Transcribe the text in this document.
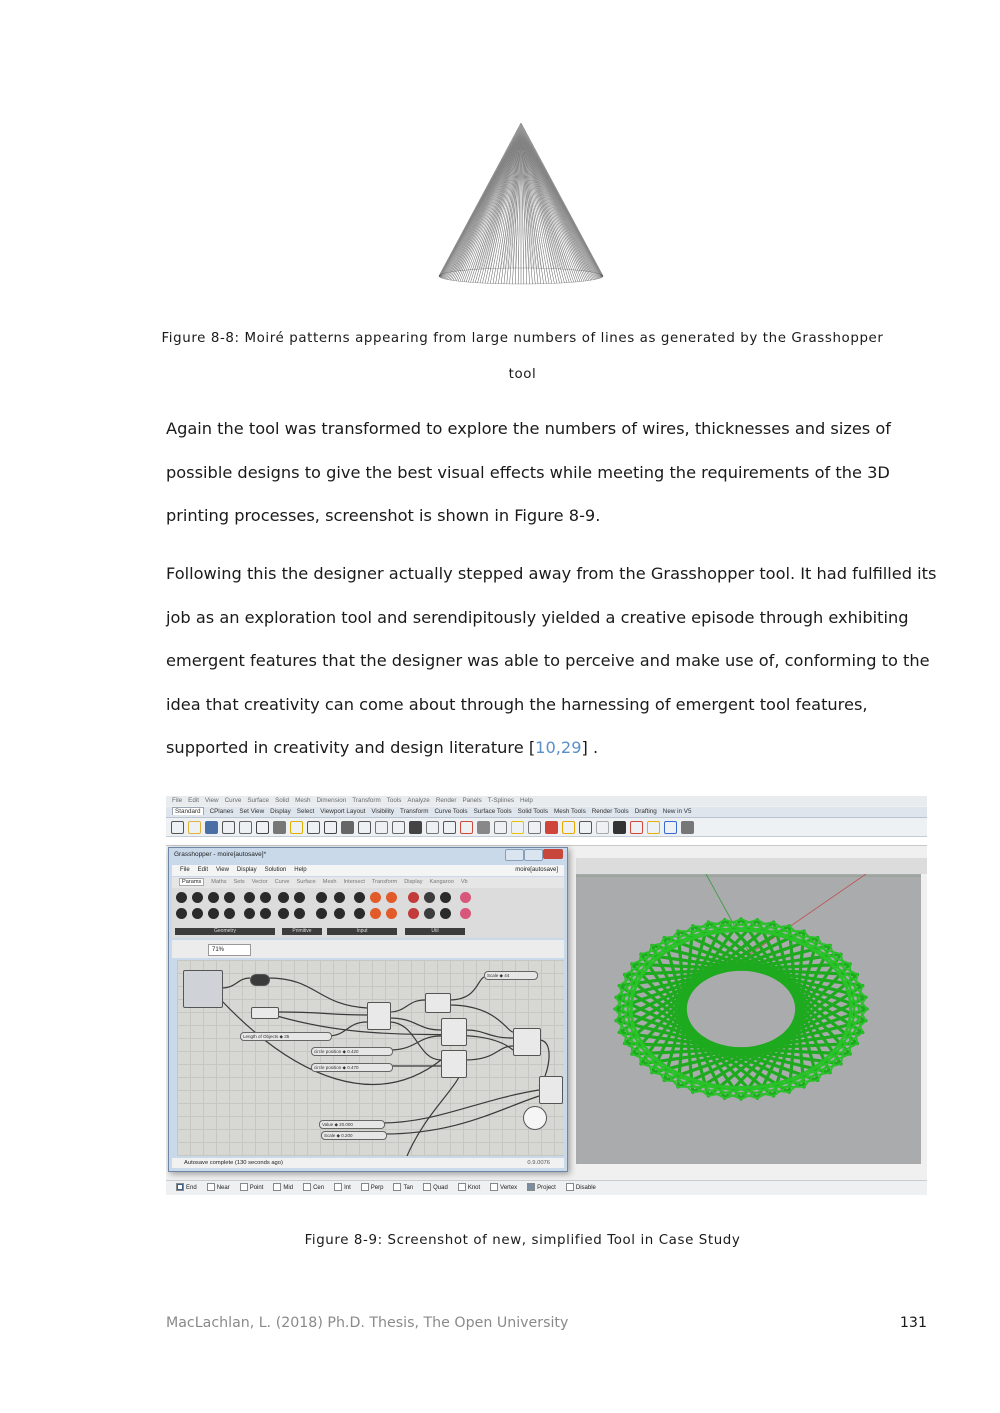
Figure 8-8: Moiré patterns appearing from large numbers of lines as generated by the Grasshopper
tool

Again the tool was transformed to explore the numbers of wires, thicknesses and sizes of

possible designs to give the best visual effects while meeting the requirements of the 3D

printing processes, screenshot is shown in Figure 8-9.

Following this the designer actually stepped away from the Grasshopper tool. It had fulfilled its

job as an exploration tool and serendipitously yielded a creative episode through exhibiting

emergent features that the designer was able to perceive and make use of, conforming to the

idea that creativity can come about through the harnessing of emergent tool features,

supported in creativity and design literature [10,29] .

File Edit View Curve Surface Solid Mesh Dimension Transform Tools Analyze Render Panels T-Splines Help
Standard CPlanes Set View Display Select Viewport Layout Visibility Transform Curve Tools Surface Tools Solid Tools Mesh Tools Render Tools Drafting New in V5
Grasshopper - moire[autosave]*
File Edit View Display Solution Help	moire[autosave]
Params Maths Sets Vector Curve Surface Mesh Intersect Transform Display Kangaroo Vb
Geometry	Primitive	Input	Util
71%
Scale ◆ 44
Length of Objects ◆ 35
circle position ◆ 0.420
circle position ◆ 0.470
Value ◆ 20.000
Scale ◆ 0.200
Autosave complete (130 seconds ago)	0.9.0076
End	Near	Point	Mid	Cen	Int	Perp	Tan	Quad	Knot	Vertex	Project	Disable
Figure 8-9: Screenshot of new, simplified Tool in Case Study
MacLachlan, L. (2018) Ph.D. Thesis, The Open University	131
